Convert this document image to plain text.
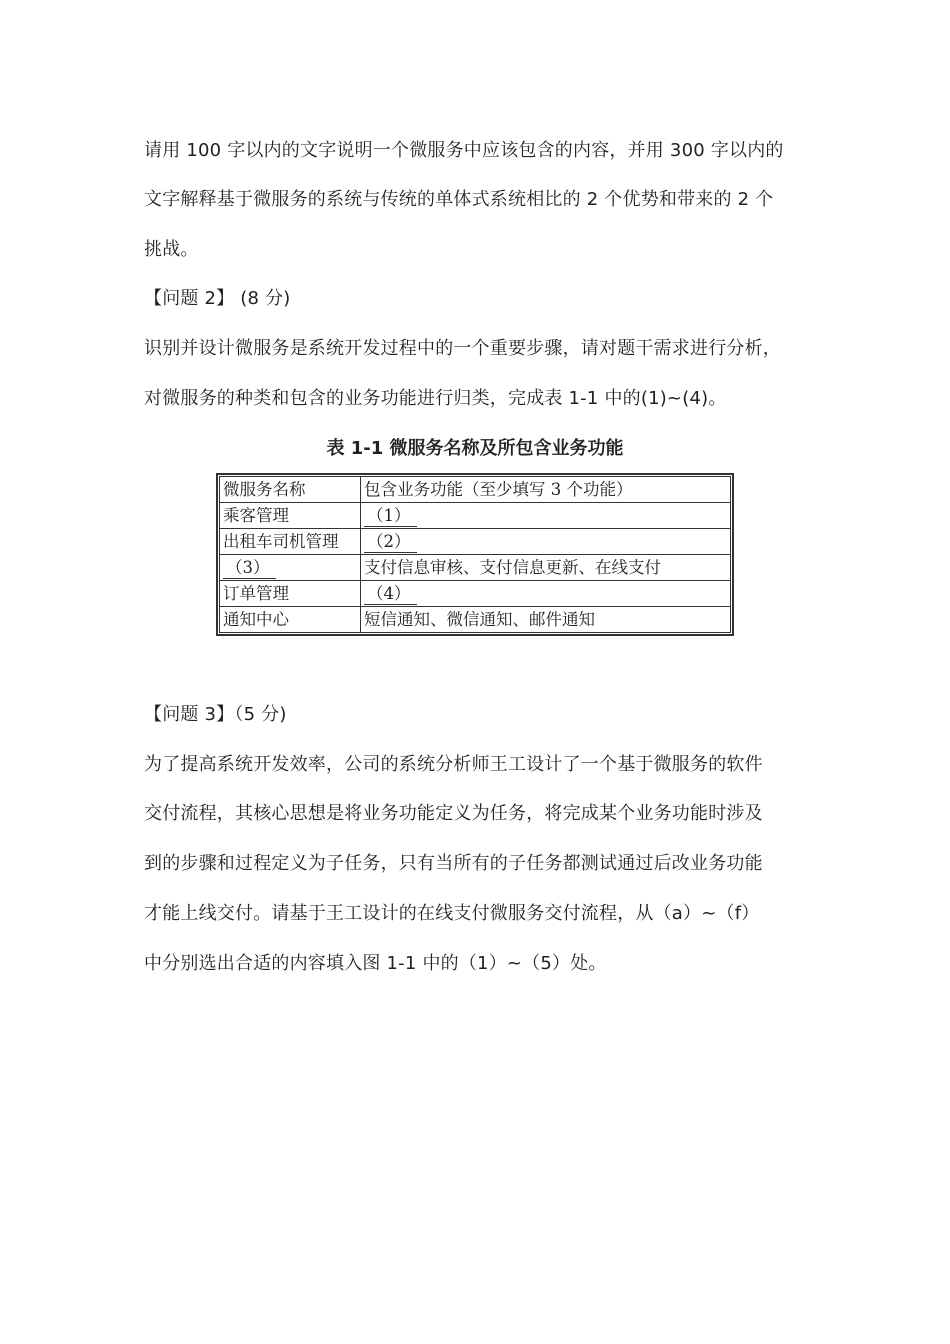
请用 100 字以内的文字说明一个微服务中应该包含的内容，并用 300 字以内的
文字解释基于微服务的系统与传统的单体式系统相比的 2 个优势和带来的 2 个
挑战。
【问题 2】 (8 分)
识别并设计微服务是系统开发过程中的一个重要步骤，请对题干需求进行分析，
对微服务的种类和包含的业务功能进行归类，完成表 1-1 中的(1)~(4)。
表 1-1 微服务名称及所包含业务功能
微服务名称	包含业务功能（至少填写 3 个功能）
乘客管理	（1）
出租车司机管理	（2）
（3）	支付信息审核、支付信息更新、在线支付
订单管理	（4）
通知中心	短信通知、微信通知、邮件通知
【问题 3】（5 分)
为了提高系统开发效率，公司的系统分析师王工设计了一个基于微服务的软件
交付流程，其核心思想是将业务功能定义为任务，将完成某个业务功能时涉及
到的步骤和过程定义为子任务，只有当所有的子任务都测试通过后改业务功能
才能上线交付。请基于王工设计的在线支付微服务交付流程，从（a）~（f）
中分别选出合适的内容填入图 1-1 中的（1）~（5）处。
